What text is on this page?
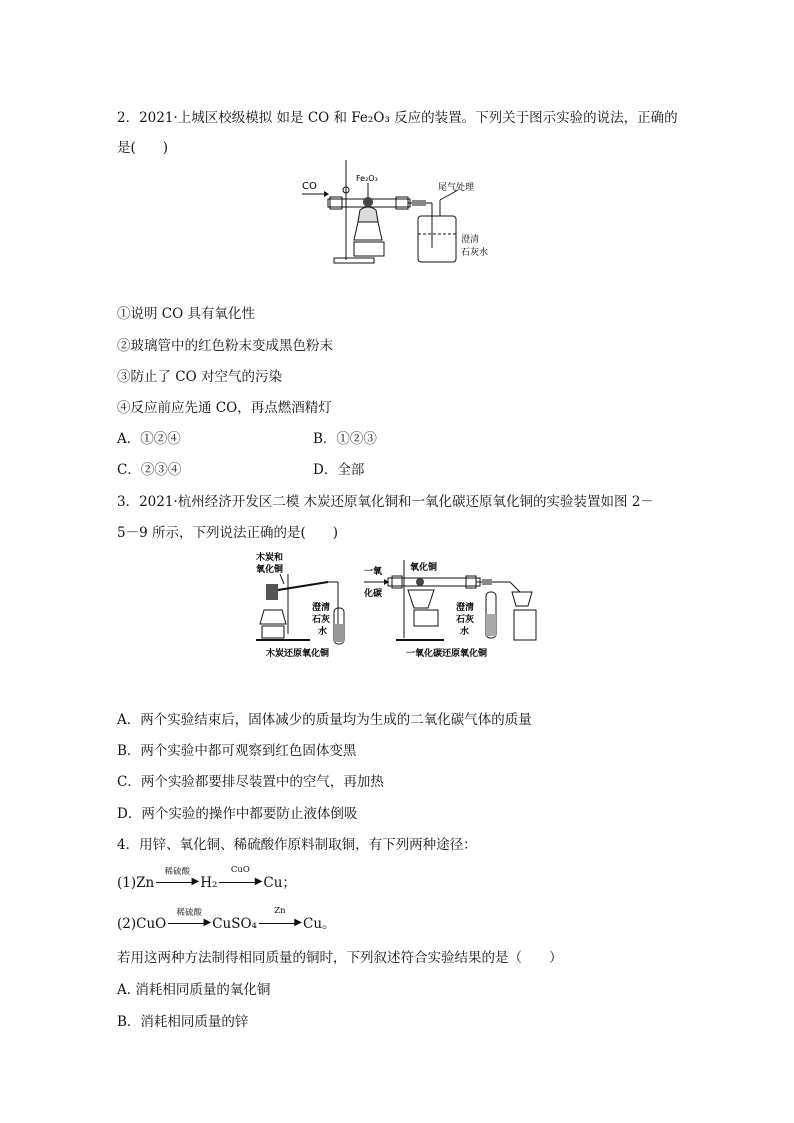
2．2021·上城区校级模拟 如是 CO 和 Fe₂O₃ 反应的装置。下列关于图示实验的说法，正确的
是(　　)
CO
Fe₂O₃
尾气处理
澄清
石灰水
①说明 CO 具有氧化性
②玻璃管中的红色粉末变成黑色粉末
③防止了 CO 对空气的污染
④反应前应先通 CO，再点燃酒精灯
A．①②④	B．①②③
C．②③④	D．全部
3．2021·杭州经济开发区二模 木炭还原氧化铜和一氧化碳还原氧化铜的实验装置如图 2－
5－9 所示，下列说法正确的是(　　)
木炭和
氧化铜
澄清
石灰
水
木炭还原氧化铜
一氧
化碳
氧化铜
澄清
石灰
水
一氧化碳还原氧化铜
A．两个实验结束后，固体减少的质量均为生成的二氧化碳气体的质量
B．两个实验中都可观察到红色固体变黑
C．两个实验都要排尽装置中的空气，再加热
D．两个实验的操作中都要防止液体倒吸
4．用锌、氧化铜、稀硫酸作原料制取铜，有下列两种途径：
(1)Zn
稀硫酸
▶ H₂
CuO
▶ Cu；
(2)CuO
稀硫酸
▶ CuSO₄
Zn
▶ Cu。
若用这两种方法制得相同质量的铜时，下列叙述符合实验结果的是（　　）
A. 消耗相同质量的氧化铜
B．消耗相同质量的锌
